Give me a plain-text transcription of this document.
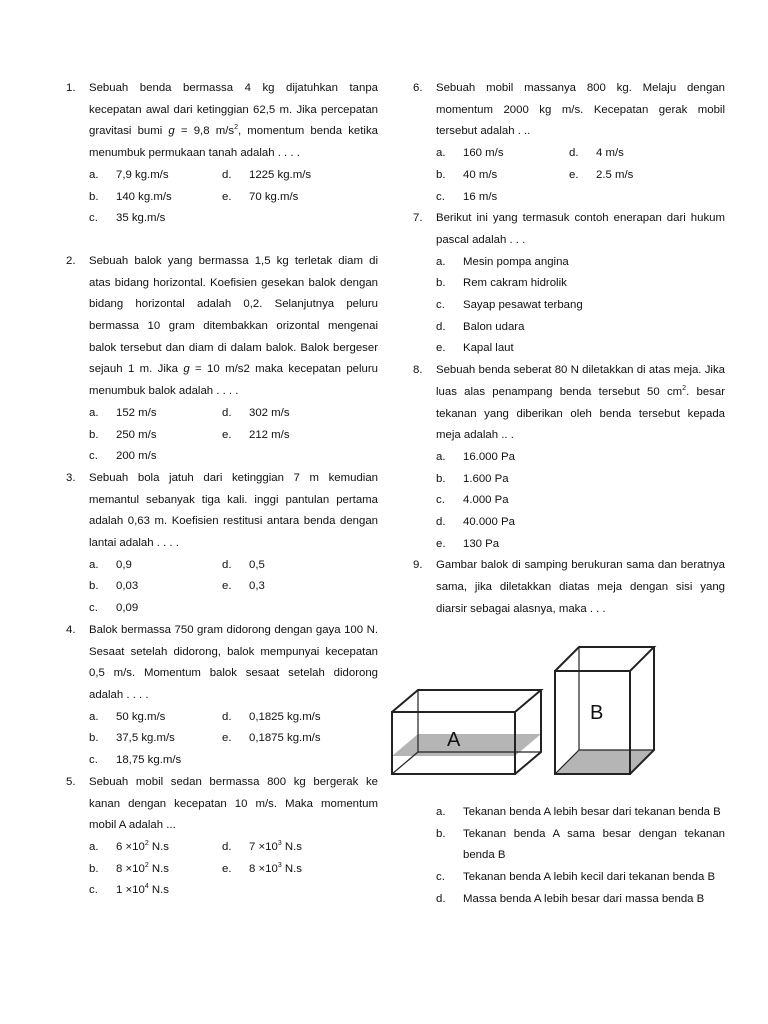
1.	Sebuah benda bermassa 4 kg dijatuhkan tanpa kecepatan awal dari ketinggian 62,5 m. Jika percepatan gravitasi bumi g = 9,8 $m/s^2$, momentum benda ketika menumbuk permukaan tanah adalah . . . .
a.	7,9 kg.m/s	d.	1225 kg.m/s
b.	140 kg.m/s	e.	70 kg.m/s
c.	35 kg.m/s
2.	Sebuah balok yang bermassa 1,5 kg terletak diam di atas bidang horizontal. Koefisien gesekan balok dengan bidang horizontal adalah 0,2. Selanjutnya peluru bermassa 10 gram ditembakkan orizontal mengenai balok tersebut dan diam di dalam balok. Balok bergeser sejauh 1 m. Jika g = 10 m/s2 maka kecepatan peluru menumbuk balok adalah . . . .
a.	152 m/s	d.	302 m/s
b.	250 m/s	e.	212 m/s
c.	200 m/s
3.	Sebuah bola jatuh dari ketinggian 7 m kemudian memantul sebanyak tiga kali. inggi pantulan pertama adalah 0,63 m. Koefisien restitusi antara benda dengan lantai adalah . . . .
a.	0,9	d.	0,5
b.	0,03	e.	0,3
c.	0,09
4.	Balok bermassa 750 gram didorong dengan gaya 100 N. Sesaat setelah didorong, balok mempunyai kecepatan 0,5 m/s. Momentum balok sesaat setelah didorong adalah . . . .
a.	50 kg.m/s	d.	0,1825 kg.m/s
b.	37,5 kg.m/s	e.	0,1875 kg.m/s
c.	18,75 kg.m/s
5.	Sebuah mobil sedan bermassa 800 kg bergerak ke kanan dengan kecepatan 10 m/s. Maka momentum mobil A adalah ...
a.	$6 \times 10^2$ N.s	d.	$7 \times 10^3$ N.s
b.	$8 \times 10^2$ N.s	e.	$8 \times 10^3$ N.s
c.	$1 \times 10^4$ N.s
6.	Sebuah mobil massanya 800 kg. Melaju dengan momentum 2000 kg m/s. Kecepatan gerak mobil tersebut adalah . ..
a.	160 m/s	d.	4 m/s
b.	40 m/s	e.	2.5 m/s
c.	16 m/s
7.	Berikut ini yang termasuk contoh enerapan dari hukum pascal adalah . . .
a.	Mesin pompa angina
b.	Rem cakram hidrolik
c.	Sayap pesawat terbang
d.	Balon udara
e.	Kapal laut
8.	Sebuah benda seberat 80 N diletakkan di atas meja. Jika luas alas penampang benda tersebut 50 $cm^2$. besar tekanan yang diberikan oleh benda tersebut kepada meja adalah .. .
a.	16.000 Pa
b.	1.600 Pa
c.	4.000 Pa
d.	40.000 Pa
e.	130 Pa
9.	Gambar balok di samping berukuran sama dan beratnya sama, jika diletakkan diatas meja dengan sisi yang diarsir sebagai alasnya, maka . . .
A
B
a.	Tekanan benda A lebih besar dari tekanan benda B
b.	Tekanan benda A sama besar dengan tekanan benda B
c.	Tekanan benda A lebih kecil dari tekanan benda B
d.	Massa benda A lebih besar dari massa benda B
